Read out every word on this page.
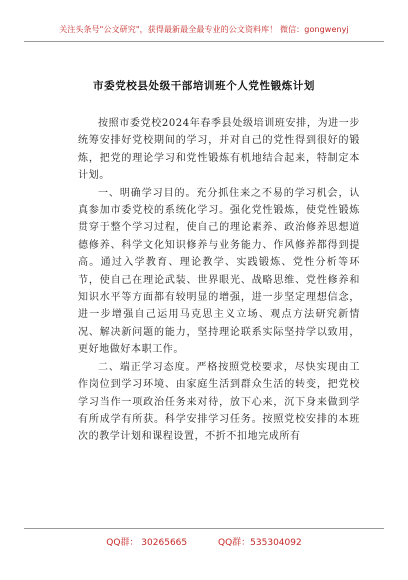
关注头条号"公文研究"，获得最新最全最专业的公文资料库！ 微信：gongwenyj
市委党校县处级干部培训班个人党性锻炼计划

按照市委党校2024年春季县处级培训班安排，为进一步统筹安排好党校期间的学习，并对自己的党性得到很好的锻炼，把党的理论学习和党性锻炼有机地结合起来，特制定本计划。

一、明确学习目的。充分抓住来之不易的学习机会，认真参加市委党校的系统化学习。强化党性锻炼，使党性锻炼贯穿于整个学习过程，使自己的理论素养、政治修养思想道德修养、科学文化知识修养与业务能力、作风修养都得到提高。通过入学教育、理论教学、实践锻炼、党性分析等环节，使自己在理论武装、世界眼光、战略思维、党性修养和知识水平等方面都有较明显的增强，进一步坚定理想信念，进一步增强自己运用马克思主义立场、观点方法研究新情况、解决新问题的能力，坚持理论联系实际坚持学以致用，更好地做好本职工作。

二、端正学习态度。严格按照党校要求，尽快实现由工作岗位到学习环境、由家庭生活到群众生活的转变，把党校学习当作一项政治任务来对待，放下心来，沉下身来做到学有所成学有所获。科学安排学习任务。按照党校安排的本班次的教学计划和课程设置，不折不扣地完成所有

QQ群： 30265665	QQ群：535304092
